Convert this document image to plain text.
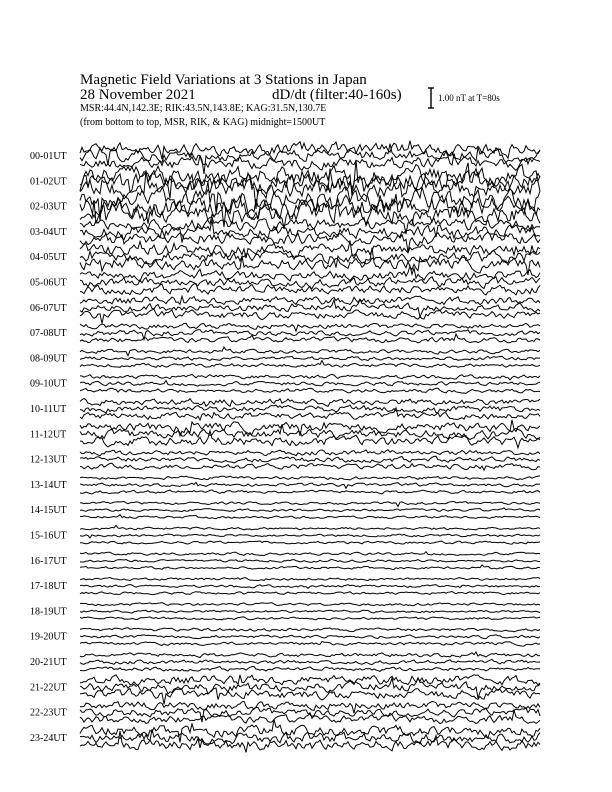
Magnetic Field Variations at 3 Stations in Japan
28 November 2021	dD/dt (filter:40-160s)
MSR:44.4N,142.3E; RIK:43.5N,143.8E; KAG:31.5N,130.7E
(from bottom to top, MSR, RIK, & KAG) midnight=1500UT
1.00 nT at T=80s
00-01UT
01-02UT
02-03UT
03-04UT
04-05UT
05-06UT
06-07UT
07-08UT
08-09UT
09-10UT
10-11UT
11-12UT
12-13UT
13-14UT
14-15UT
15-16UT
16-17UT
17-18UT
18-19UT
19-20UT
20-21UT
21-22UT
22-23UT
23-24UT
